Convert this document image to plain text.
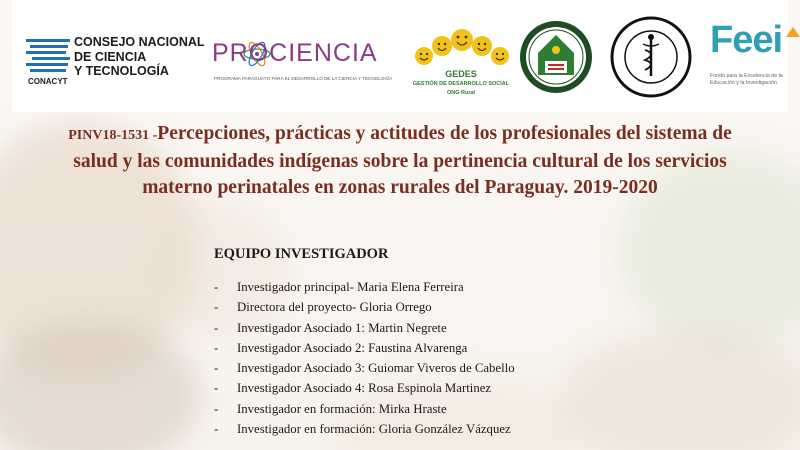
CONSEJO NACIONAL
DE CIENCIA
Y TECNOLOGÍA
CONACYT
PROCIENCIA
PROGRAMA PARAGUAYO PARA EL DESARROLLO DE LA CIENCIA Y TECNOLOGÍA	GEDES
GESTIÓN DE DESARROLLO SOCIAL
ONG Rural
Feei
Fondo para la Excelencia de la Educación y la Investigación
PINV18-1531 -Percepciones, prácticas y actitudes de los profesionales del sistema de salud y las comunidades indígenas sobre la pertinencia cultural de los servicios materno perinatales en zonas rurales del Paraguay. 2019-2020
EQUIPO INVESTIGADOR
-	Investigador principal- Maria Elena Ferreira
-	Directora del proyecto- Gloria Orrego
-	Investigador Asociado 1: Martin Negrete
-	Investigador Asociado 2: Faustina Alvarenga
-	Investigador Asociado 3: Guiomar Viveros de Cabello
-	Investigador Asociado 4: Rosa Espinola Martinez
-	Investigador en formación: Mirka Hraste
-	Investigador en formación: Gloria González Vázquez
